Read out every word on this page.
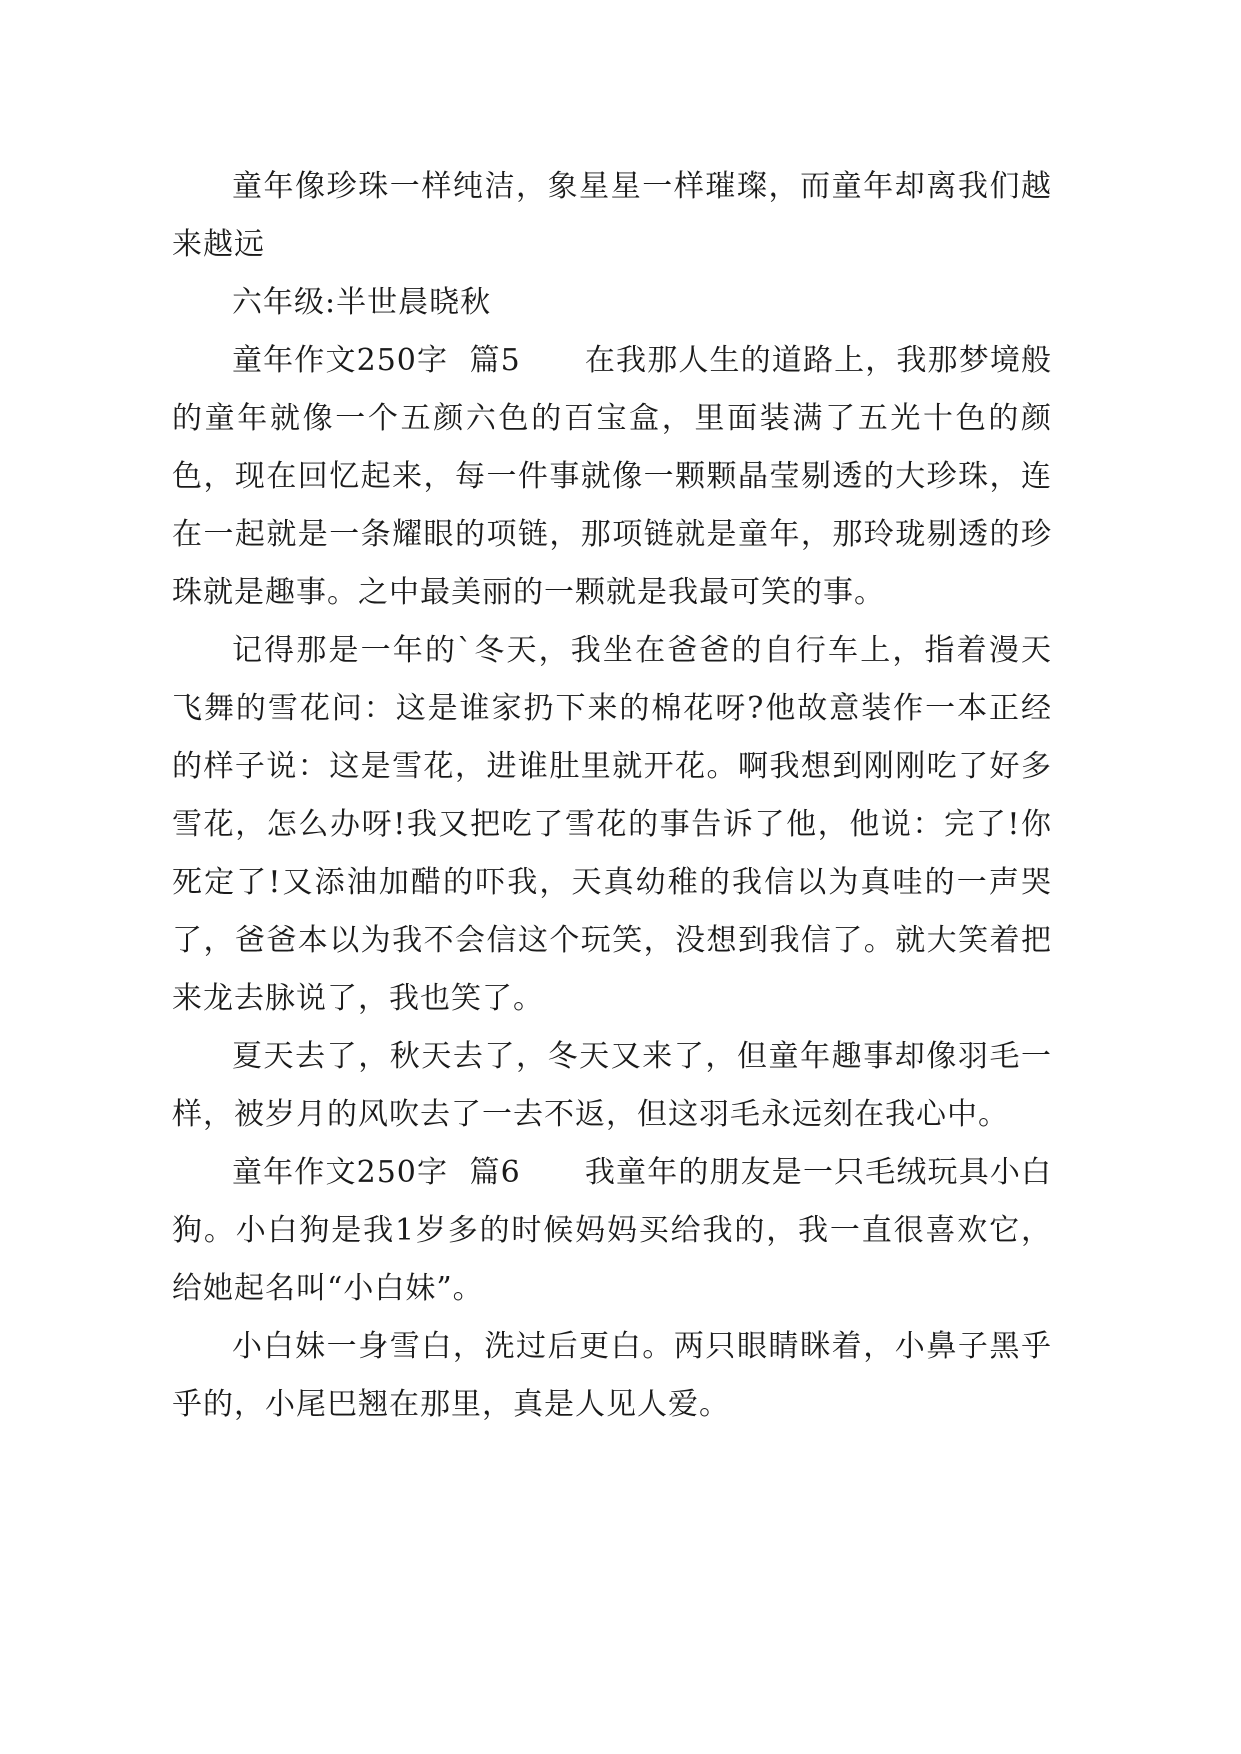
童年像珍珠一样纯洁，象星星一样璀璨，而童年却离我们越来越远

六年级:半世晨晓秋

童年作文250字  篇5 在我那人生的道路上，我那梦境般的童年就像一个五颜六色的百宝盒，里面装满了五光十色的颜色，现在回忆起来，每一件事就像一颗颗晶莹剔透的大珍珠，连在一起就是一条耀眼的项链，那项链就是童年，那玲珑剔透的珍珠就是趣事。之中最美丽的一颗就是我最可笑的事。

记得那是一年的`冬天，我坐在爸爸的自行车上，指着漫天飞舞的雪花问：这是谁家扔下来的棉花呀?他故意装作一本正经的样子说：这是雪花，进谁肚里就开花。啊我想到刚刚吃了好多雪花，怎么办呀!我又把吃了雪花的事告诉了他，他说：完了!你死定了!又添油加醋的吓我，天真幼稚的我信以为真哇的一声哭了，爸爸本以为我不会信这个玩笑，没想到我信了。就大笑着把来龙去脉说了，我也笑了。

夏天去了，秋天去了，冬天又来了，但童年趣事却像羽毛一样，被岁月的风吹去了一去不返，但这羽毛永远刻在我心中。

童年作文250字  篇6 我童年的朋友是一只毛绒玩具小白狗。小白狗是我1岁多的时候妈妈买给我的，我一直很喜欢它，给她起名叫“小白妹”。

小白妹一身雪白，洗过后更白。两只眼睛眯着，小鼻子黑乎乎的，小尾巴翘在那里，真是人见人爱。
